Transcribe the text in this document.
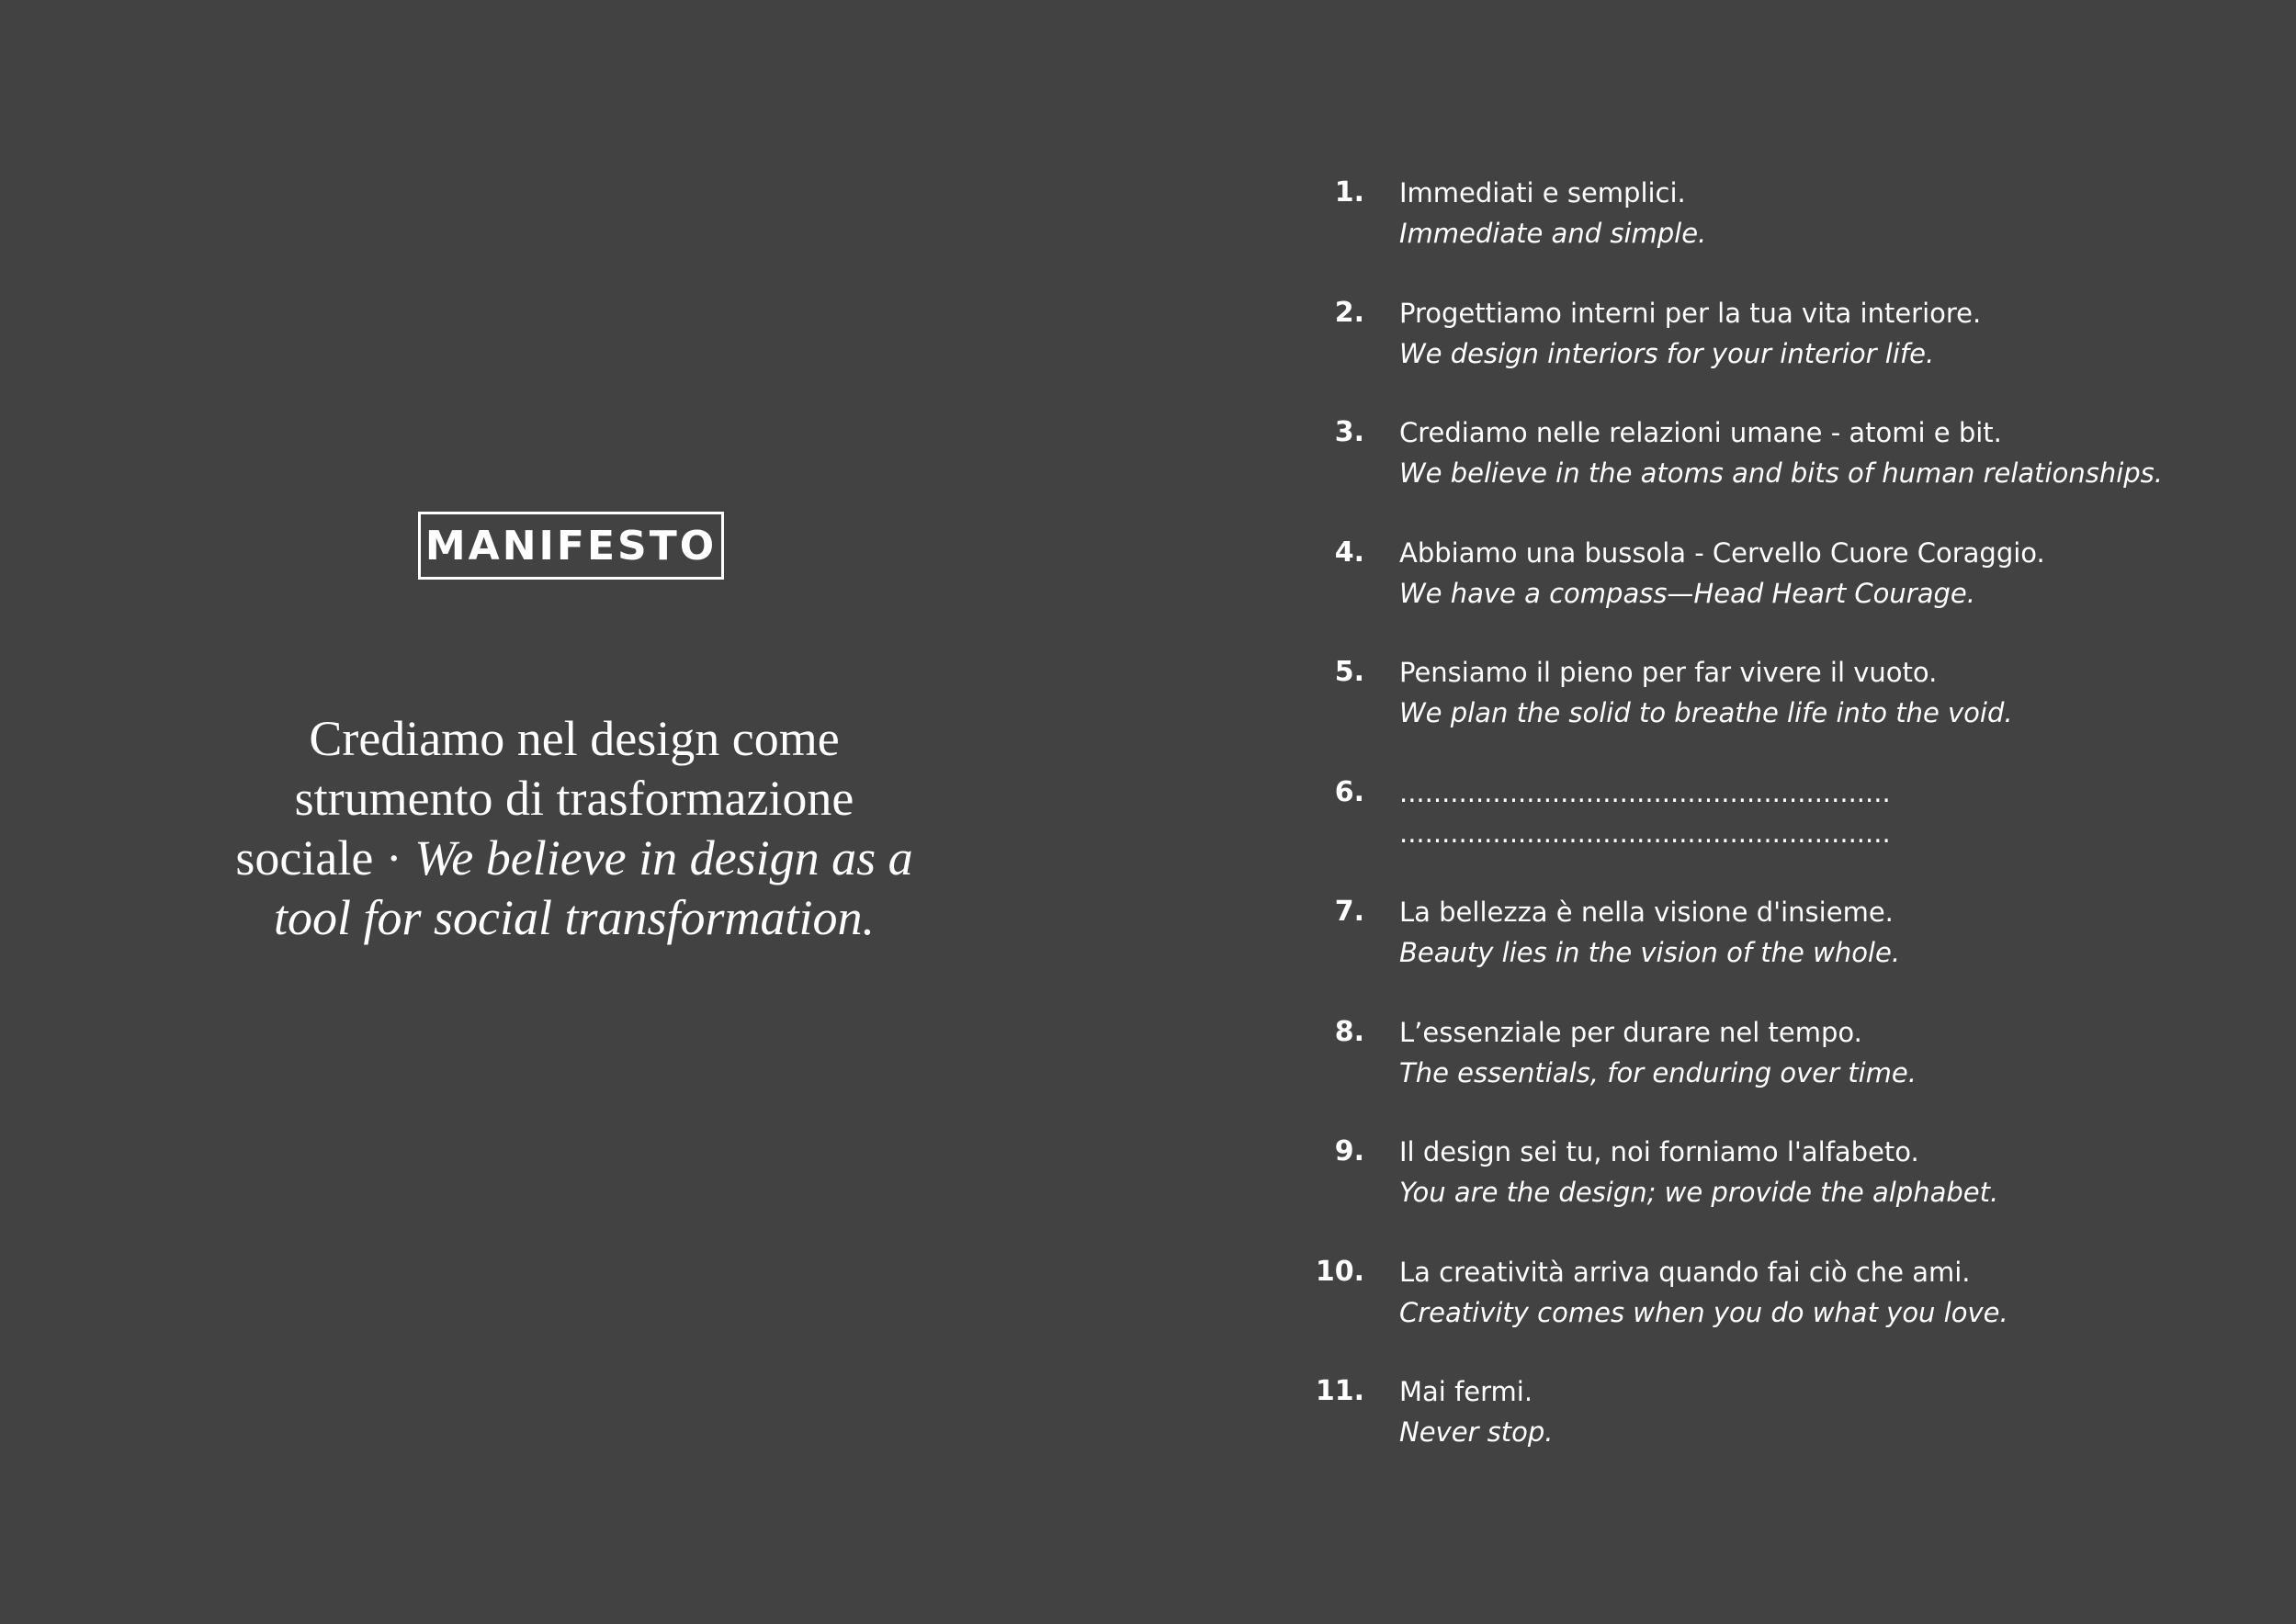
MANIFESTO
Crediamo nel design come strumento di trasformazione sociale · We believe in design as a tool for social transformation.
1. Immediati e semplici.
Immediate and simple.
2. Progettiamo interni per la tua vita interiore.
We design interiors for your interior life.
3. Crediamo nelle relazioni umane - atomi e bit.
We believe in the atoms and bits of human relationships.
4. Abbiamo una bussola - Cervello Cuore Coraggio.
We have a compass—Head Heart Courage.
5. Pensiamo il pieno per far vivere il vuoto.
We plan the solid to breathe life into the void.
6. ..........................................................
..........................................................
7. La bellezza è nella visione d'insieme.
Beauty lies in the vision of the whole.
8. L’essenziale per durare nel tempo.
The essentials, for enduring over time.
9. Il design sei tu, noi forniamo l'alfabeto.
You are the design; we provide the alphabet.
10. La creatività arriva quando fai ciò che ami.
Creativity comes when you do what you love.
11. Mai fermi.
Never stop.
